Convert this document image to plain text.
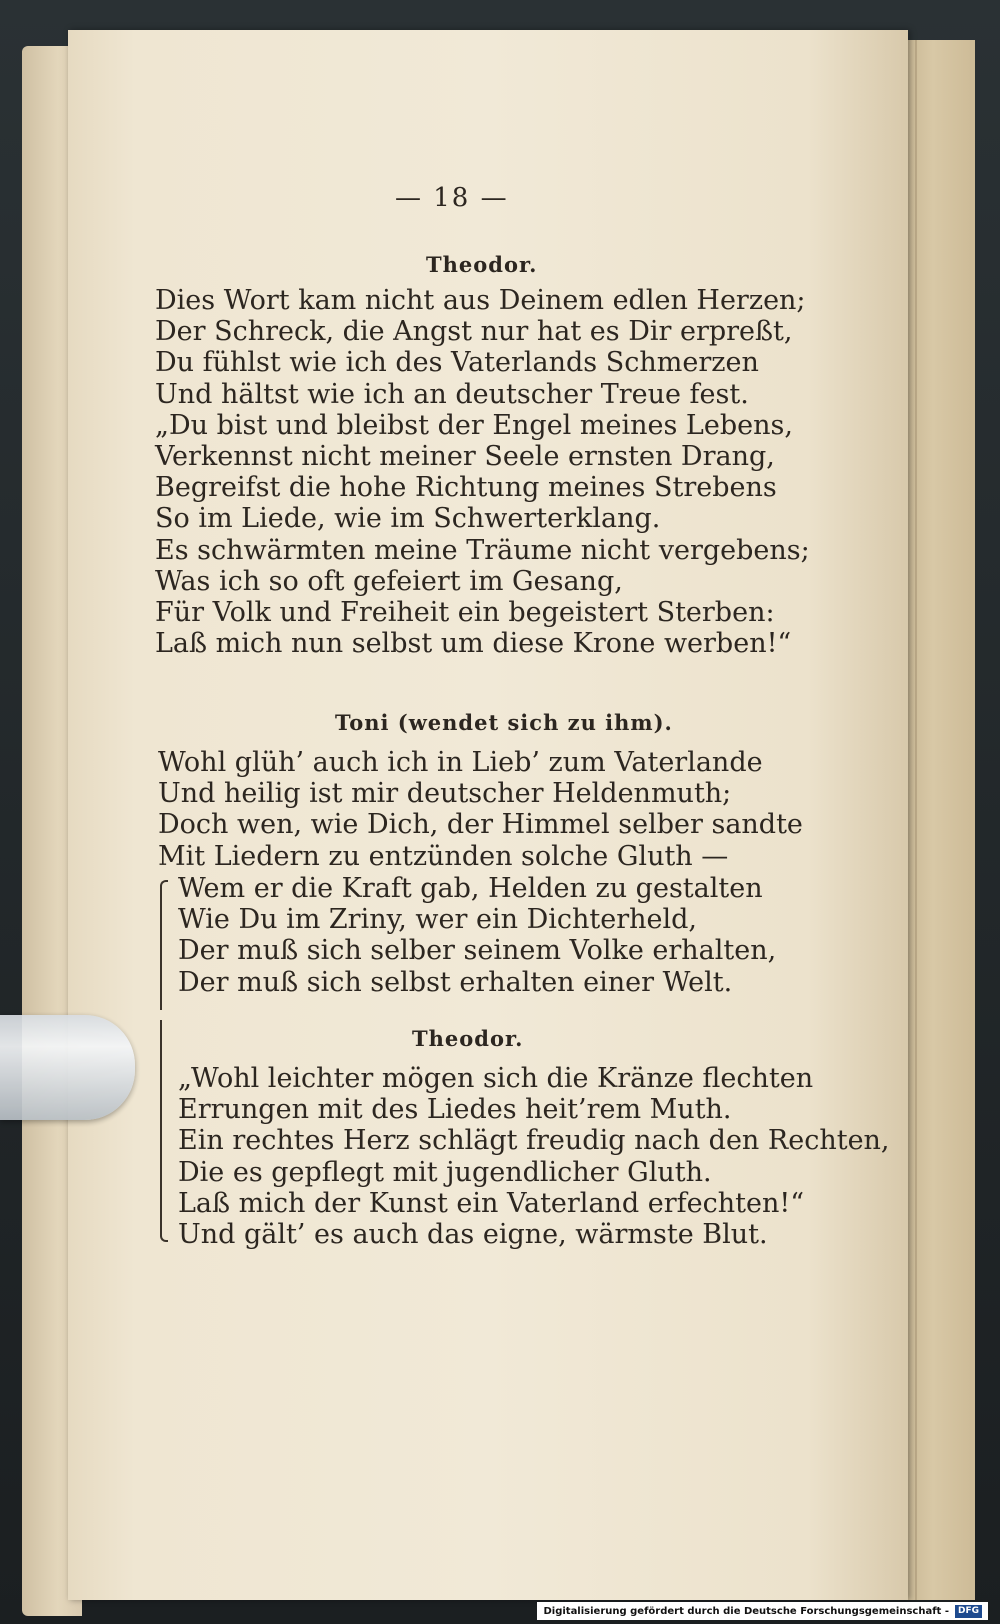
— 18 —
Theodor.
Dies Wort kam nicht aus Deinem edlen Herzen;
Der Schreck, die Angst nur hat es Dir erpreßt,
Du fühlst wie ich des Vaterlands Schmerzen
Und hältst wie ich an deutscher Treue fest.
„Du bist und bleibst der Engel meines Lebens,
Verkennst nicht meiner Seele ernsten Drang,
Begreifst die hohe Richtung meines Strebens
So im Liede, wie im Schwerterklang.
Es schwärmten meine Träume nicht vergebens;
Was ich so oft gefeiert im Gesang,
Für Volk und Freiheit ein begeistert Sterben:
Laß mich nun selbst um diese Krone werben!“
Toni (wendet sich zu ihm).
Wohl glüh’ auch ich in Lieb’ zum Vaterlande
Und heilig ist mir deutscher Heldenmuth;
Doch wen, wie Dich, der Himmel selber sandte
Mit Liedern zu entzünden solche Gluth —
Wem er die Kraft gab, Helden zu gestalten
Wie Du im Zriny, wer ein Dichterheld,
Der muß sich selber seinem Volke erhalten,
Der muß sich selbst erhalten einer Welt.
Theodor.
„Wohl leichter mögen sich die Kränze flechten
Errungen mit des Liedes heit’rem Muth.
Ein rechtes Herz schlägt freudig nach den Rechten,
Die es gepflegt mit jugendlicher Gluth.
Laß mich der Kunst ein Vaterland erfechten!“
Und gält’ es auch das eigne, wärmste Blut.
Digitalisierung gefördert durch die Deutsche Forschungsgemeinschaft -	DFG
